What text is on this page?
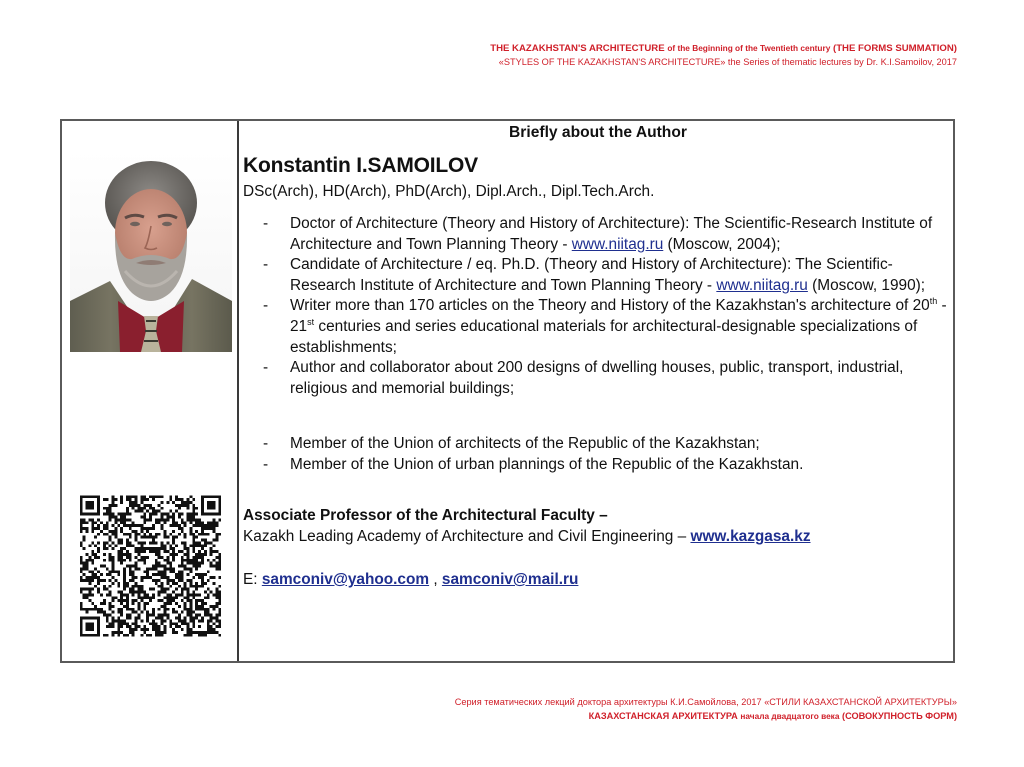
THE KAZAKHSTAN'S ARCHITECTURE of the Beginning of the Twentieth century (THE FORMS SUMMATION)
«STYLES OF THE KAZAKHSTAN'S ARCHITECTURE» the Series of thematic lectures by Dr. K.I.Samoilov, 2017
Briefly about the Author
Konstantin I.SAMOILOV
DSc(Arch), HD(Arch), PhD(Arch), Dipl.Arch., Dipl.Tech.Arch.
- Doctor of Architecture (Theory and History of Architecture): The Scientific-Research Institute of Architecture and Town Planning Theory - www.niitag.ru (Moscow, 2004);
- Candidate of Architecture / eq. Ph.D. (Theory and History of Architecture): The Scientific-Research Institute of Architecture and Town Planning Theory - www.niitag.ru (Moscow, 1990);
- Writer more than 170 articles on the Theory and History of the Kazakhstan's architecture of 20th - 21st centuries and series educational materials for architectural-designable specializations of establishments;
- Author and collaborator about 200 designs of dwelling houses, public, transport, industrial, religious and memorial buildings;
- Member of the Union of architects of the Republic of the Kazakhstan;
- Member of the Union of urban plannings of the Republic of the Kazakhstan.
Associate Professor of the Architectural Faculty –
Kazakh Leading Academy of Architecture and Civil Engineering – www.kazgasa.kz
E: samconiv@yahoo.com , samconiv@mail.ru
Серия тематических лекций доктора архитектуры К.И.Самойлова, 2017 «СТИЛИ КАЗАХСТАНСКОЙ АРХИТЕКТУРЫ»
КАЗАХСТАНСКАЯ АРХИТЕКТУРА начала двадцатого века (СОВОКУПНОСТЬ ФОРМ)
